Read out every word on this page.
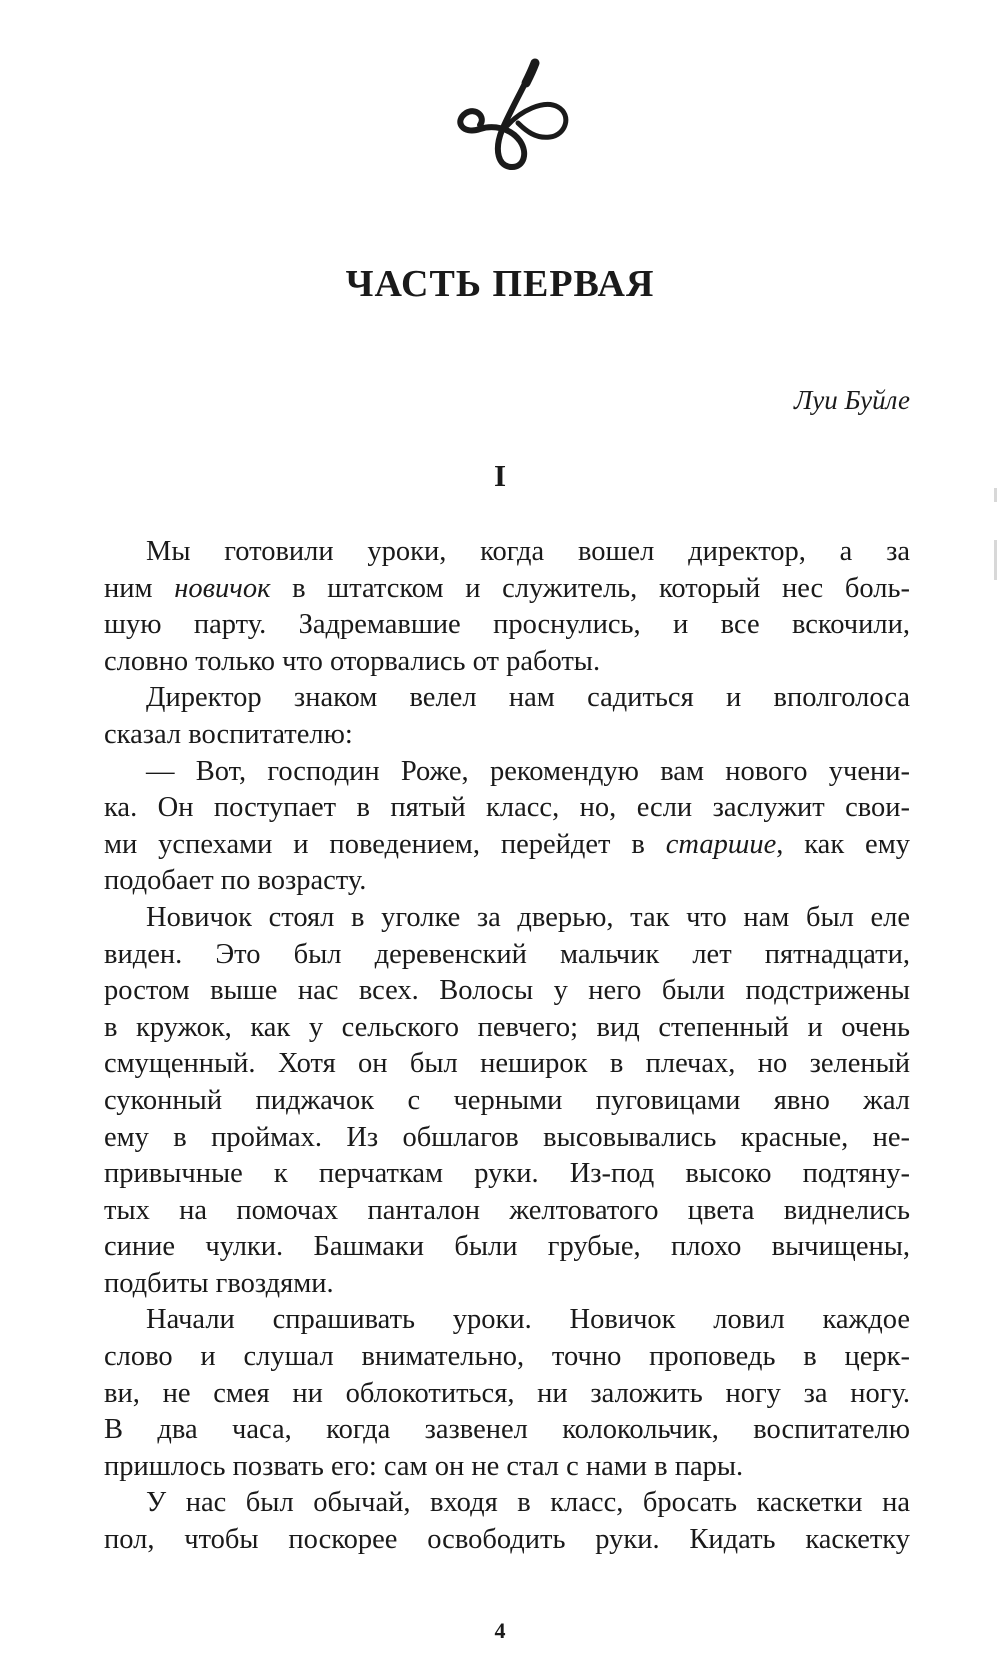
ЧАСТЬ ПЕРВАЯ
Луи Буйле
I
Мы готовили уроки, когда вошел директор, а за
ним новичок в штатском и служитель, который нес боль-
шую парту. Задремавшие проснулись, и все вскочили,
словно только что оторвались от работы.
Директор знаком велел нам садиться и вполголоса
сказал воспитателю:
— Вот, господин Роже, рекомендую вам нового учени-
ка. Он поступает в пятый класс, но, если заслужит свои-
ми успехами и поведением, перейдет в старшие, как ему
подобает по возрасту.
Новичок стоял в уголке за дверью, так что нам был еле
виден. Это был деревенский мальчик лет пятнадцати,
ростом выше нас всех. Волосы у него были подстрижены
в кружок, как у сельского певчего; вид степенный и очень
смущенный. Хотя он был неширок в плечах, но зеленый
суконный пиджачок с черными пуговицами явно жал
ему в проймах. Из обшлагов высовывались красные, не-
привычные к перчаткам руки. Из-под высоко подтяну-
тых на помочах панталон желтоватого цвета виднелись
синие чулки. Башмаки были грубые, плохо вычищены,
подбиты гвоздями.
Начали спрашивать уроки. Новичок ловил каждое
слово и слушал внимательно, точно проповедь в церк-
ви, не смея ни облокотиться, ни заложить ногу за ногу.
В два часа, когда зазвенел колокольчик, воспитателю
пришлось позвать его: сам он не стал с нами в пары.
У нас был обычай, входя в класс, бросать каскетки на
пол, чтобы поскорее освободить руки. Кидать каскетку
4
